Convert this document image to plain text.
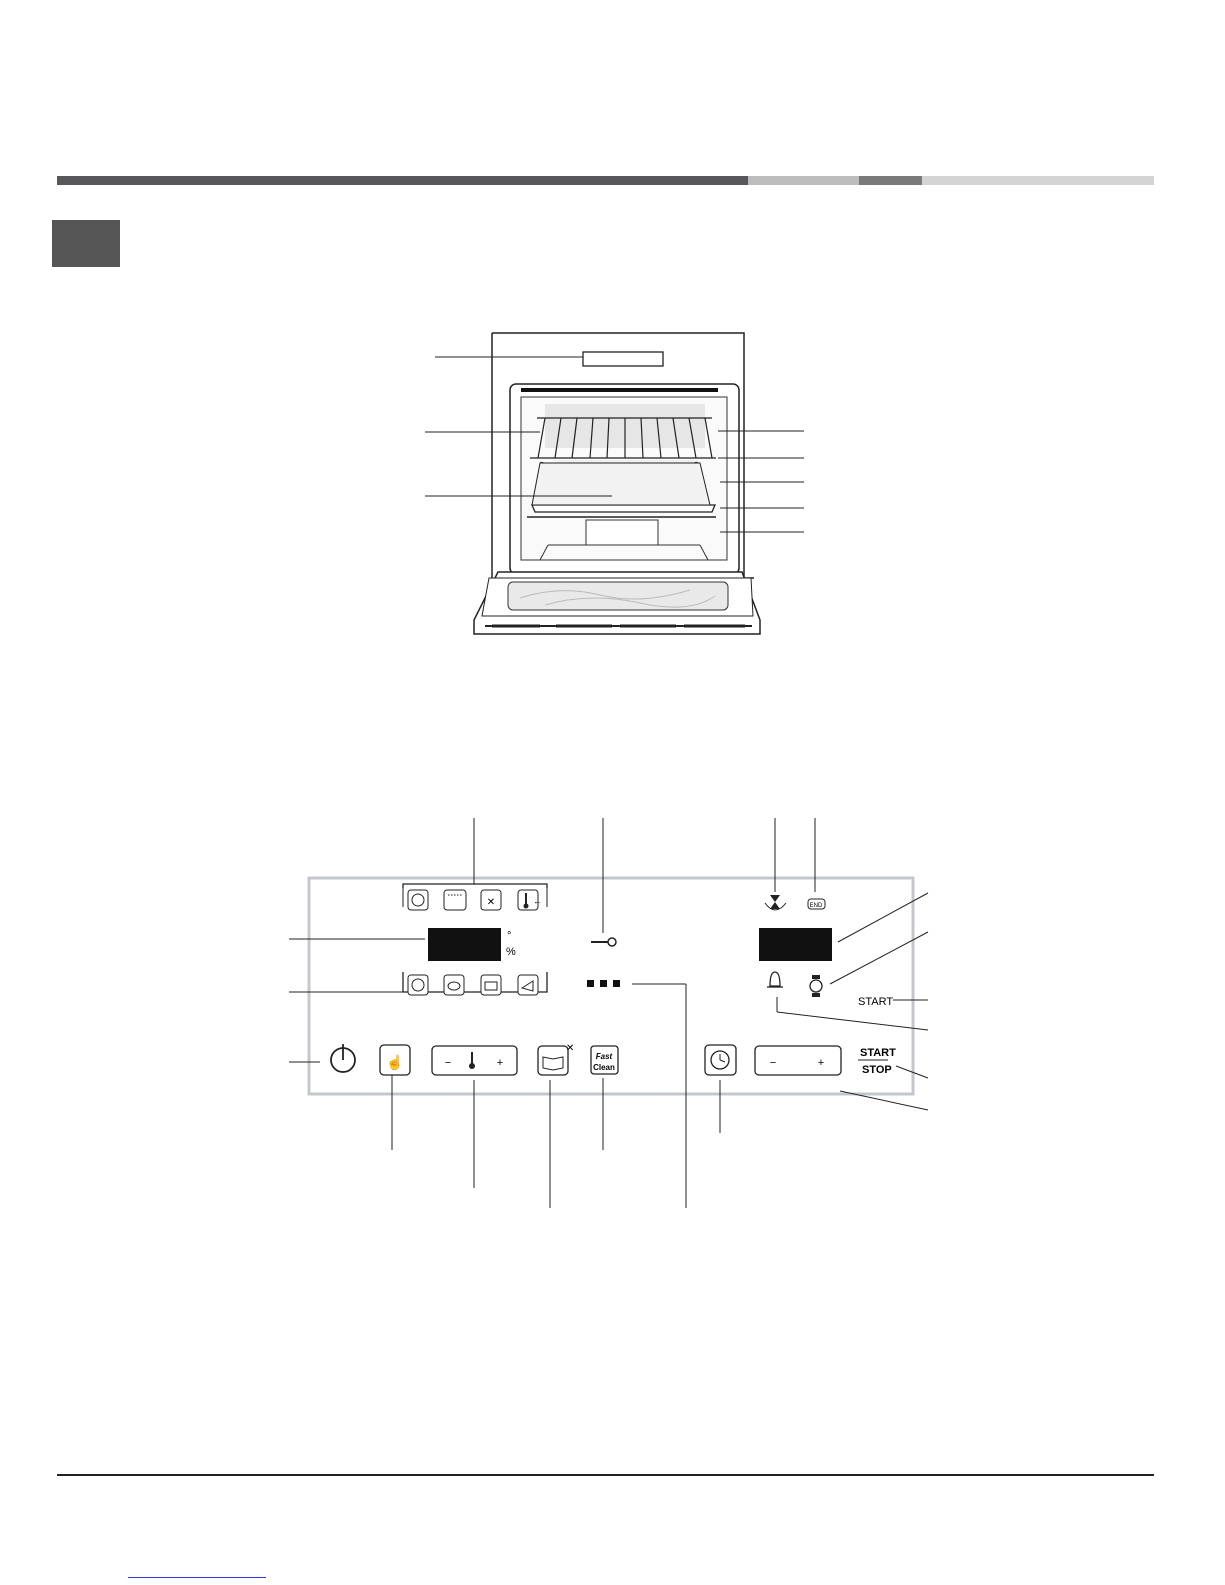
✕	←
°
%
END
START
START
STOP
☝	−	+
✕
Fast
Clean	−	+
